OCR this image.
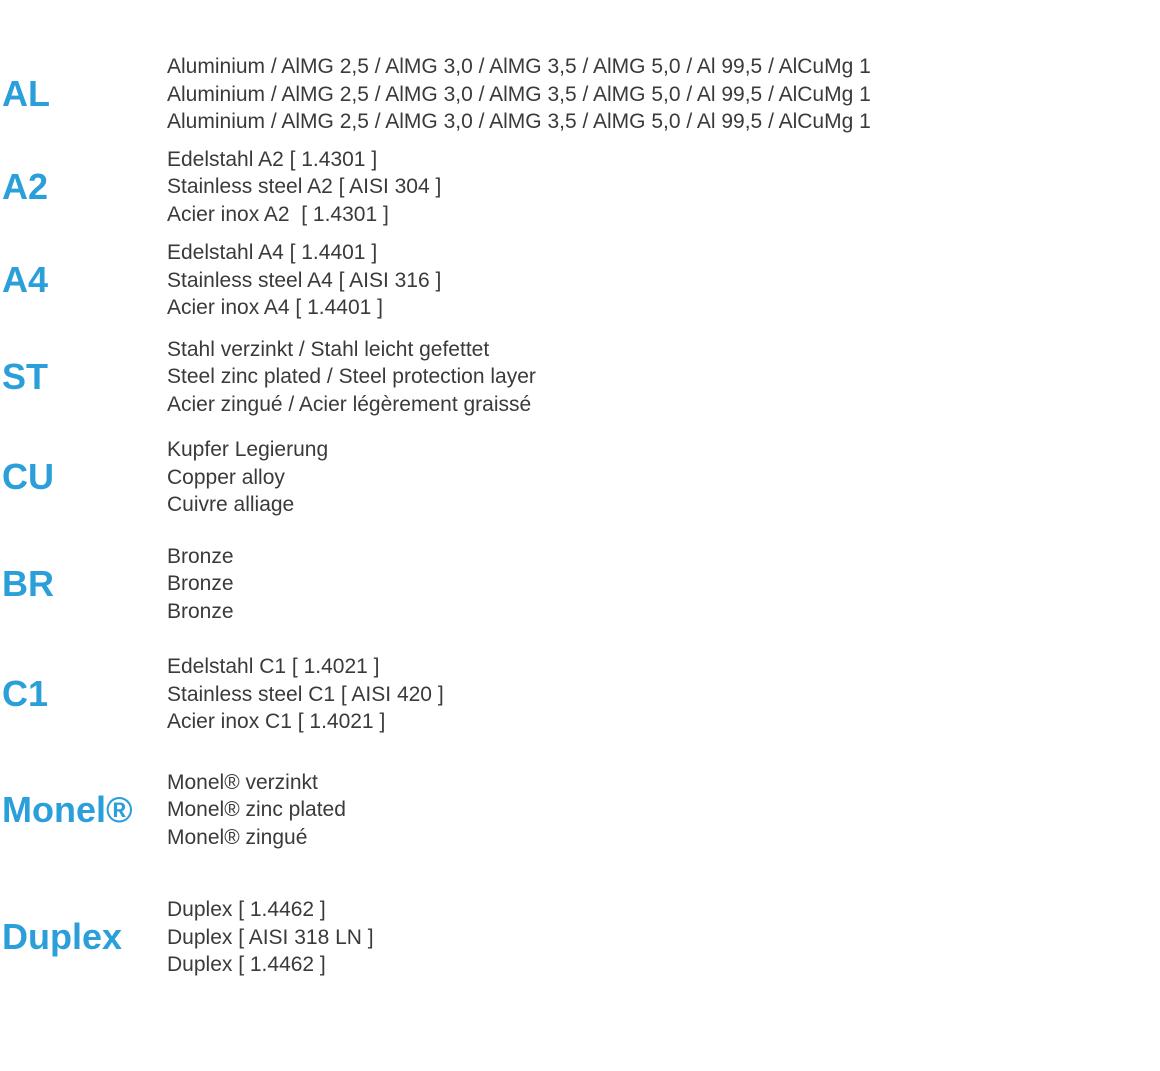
AL

Aluminium / AlMG 2,5 / AlMG 3,0 / AlMG 3,5 / AlMG 5,0 / Al 99,5 / AlCuMg 1

Aluminium / AlMG 2,5 / AlMG 3,0 / AlMG 3,5 / AlMG 5,0 / Al 99,5 / AlCuMg 1

Aluminium / AlMG 2,5 / AlMG 3,0 / AlMG 3,5 / AlMG 5,0 / Al 99,5 / AlCuMg 1

A2

Edelstahl A2 [ 1.4301 ]

Stainless steel A2 [ AISI 304 ]

Acier inox A2  [ 1.4301 ]

A4

Edelstahl A4 [ 1.4401 ]

Stainless steel A4 [ AISI 316 ]

Acier inox A4 [ 1.4401 ]

ST

Stahl verzinkt / Stahl leicht gefettet

Steel zinc plated / Steel protection layer

Acier zingué / Acier légèrement graissé

CU

Kupfer Legierung

Copper alloy

Cuivre alliage

BR

Bronze

Bronze

Bronze

C1

Edelstahl C1 [ 1.4021 ]

Stainless steel C1 [ AISI 420 ]

Acier inox C1 [ 1.4021 ]

Monel®

Monel® verzinkt

Monel® zinc plated

Monel® zingué

Duplex

Duplex [ 1.4462 ]

Duplex [ AISI 318 LN ]

Duplex [ 1.4462 ]
